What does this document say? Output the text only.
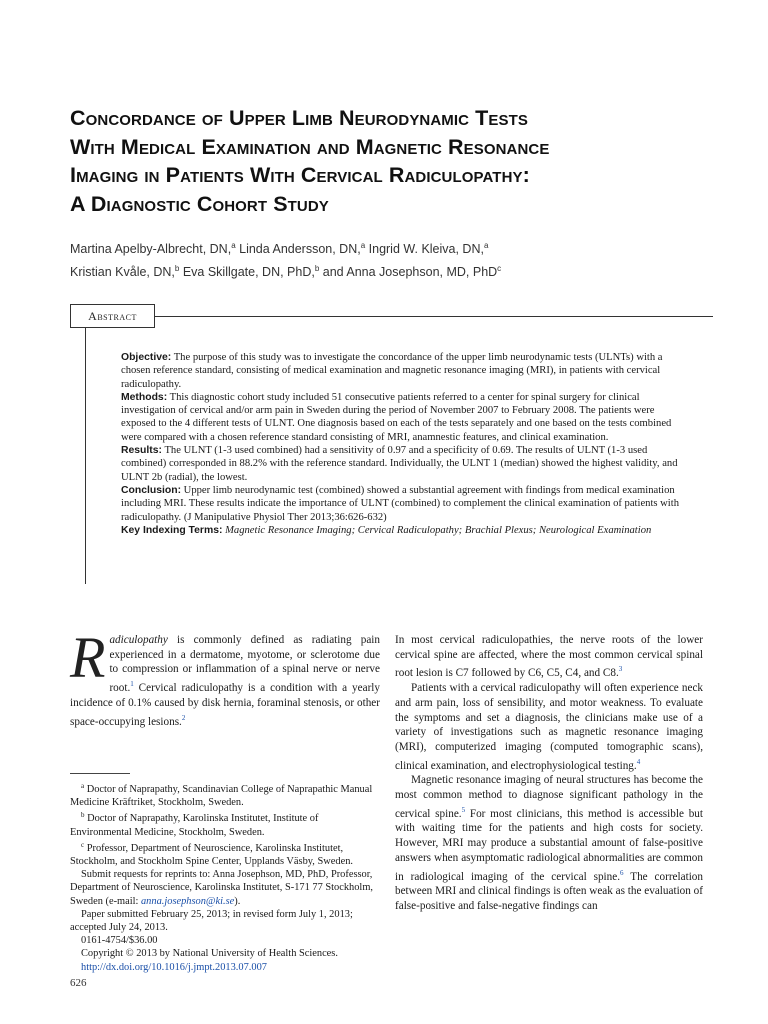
Concordance of Upper Limb Neurodynamic Tests
With Medical Examination and Magnetic Resonance
Imaging in Patients With Cervical Radiculopathy:
A Diagnostic Cohort Study
Martina Apelby-Albrecht, DN,$^a$ Linda Andersson, DN,$^a$ Ingrid W. Kleiva, DN,$^a$
Kristian Kvåle, DN,$^b$ Eva Skillgate, DN, PhD,$^b$ and Anna Josephson, MD, PhD$^c$
Abstract

Objective: The purpose of this study was to investigate the concordance of the upper limb neurodynamic tests (ULNTs) with a chosen reference standard, consisting of medical examination and magnetic resonance imaging (MRI), in patients with cervical radiculopathy.

Methods: This diagnostic cohort study included 51 consecutive patients referred to a center for spinal surgery for clinical investigation of cervical and/or arm pain in Sweden during the period of November 2007 to February 2008. The patients were exposed to the 4 different tests of ULNT. One diagnosis based on each of the tests separately and one based on the tests combined were compared with a chosen reference standard consisting of MRI, anamnestic features, and clinical examination.

Results: The ULNT (1-3 used combined) had a sensitivity of 0.97 and a specificity of 0.69. The results of ULNT (1-3 used combined) corresponded in 88.2% with the reference standard. Individually, the ULNT 1 (median) showed the highest validity, and ULNT 2b (radial), the lowest.

Conclusion: Upper limb neurodynamic test (combined) showed a substantial agreement with findings from medical examination including MRI. These results indicate the importance of ULNT (combined) to complement the clinical examination of patients with radiculopathy. (J Manipulative Physiol Ther 2013;36:626-632)

Key Indexing Terms: Magnetic Resonance Imaging; Cervical Radiculopathy; Brachial Plexus; Neurological Examination

Radiculopathy is commonly defined as radiating pain experienced in a dermatome, myotome, or sclerotome due to compression or inflammation of a spinal nerve or nerve root.$^1$ Cervical radiculopathy is a condition with a yearly incidence of 0.1% caused by disk hernia, foraminal stenosis, or other space-occupying lesions.$^2$

$^a$ Doctor of Naprapathy, Scandinavian College of Naprapathic Manual Medicine Kräftriket, Stockholm, Sweden.

$^b$ Doctor of Naprapathy, Karolinska Institutet, Institute of Environmental Medicine, Stockholm, Sweden.

$^c$ Professor, Department of Neuroscience, Karolinska Institutet, Stockholm, and Stockholm Spine Center, Upplands Väsby, Sweden.

Submit requests for reprints to: Anna Josephson, MD, PhD, Professor, Department of Neuroscience, Karolinska Institutet, S-171 77 Stockholm, Sweden (e-mail: anna.josephson@ki.se).

Paper submitted February 25, 2013; in revised form July 1, 2013; accepted July 24, 2013.

0161-4754/$36.00

Copyright © 2013 by National University of Health Sciences.

http://dx.doi.org/10.1016/j.jmpt.2013.07.007

In most cervical radiculopathies, the nerve roots of the lower cervical spine are affected, where the most common cervical spinal root lesion is C7 followed by C6, C5, C4, and C8.$^3$

Patients with a cervical radiculopathy will often experience neck and arm pain, loss of sensibility, and motor weakness. To evaluate the symptoms and set a diagnosis, the clinicians make use of a variety of investigations such as magnetic resonance imaging (MRI), computerized imaging (computed tomographic scans), clinical examination, and electrophysiological testing.$^4$

Magnetic resonance imaging of neural structures has become the most common method to diagnose significant pathology in the cervical spine.$^5$ For most clinicians, this method is accessible but with waiting time for the patients and high costs for society. However, MRI may produce a substantial amount of false-positive answers when asymptomatic radiological abnormalities are common in radiological imaging of the cervical spine.$^6$ The correlation between MRI and clinical findings is often weak as the evaluation of false-positive and false-negative findings can

626
